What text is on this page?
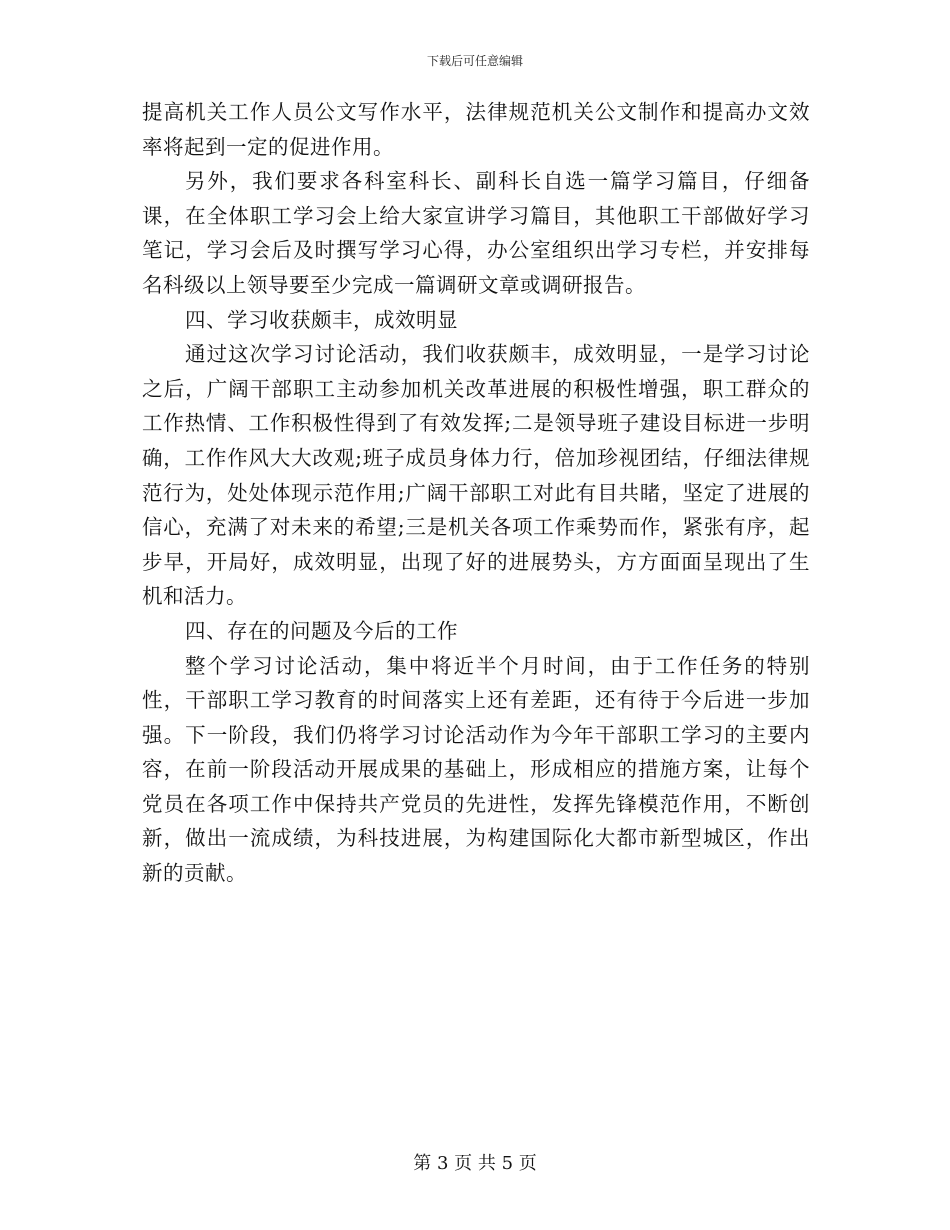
下载后可任意编辑

提高机关工作人员公文写作水平，法律规范机关公文制作和提高办文效率将起到一定的促进作用。

另外，我们要求各科室科长、副科长自选一篇学习篇目，仔细备课，在全体职工学习会上给大家宣讲学习篇目，其他职工干部做好学习笔记，学习会后及时撰写学习心得，办公室组织出学习专栏，并安排每名科级以上领导要至少完成一篇调研文章或调研报告。

四、学习收获颇丰，成效明显

通过这次学习讨论活动，我们收获颇丰，成效明显，一是学习讨论之后，广阔干部职工主动参加机关改革进展的积极性增强，职工群众的工作热情、工作积极性得到了有效发挥;二是领导班子建设目标进一步明确，工作作风大大改观;班子成员身体力行，倍加珍视团结，仔细法律规范行为，处处体现示范作用;广阔干部职工对此有目共睹，坚定了进展的信心，充满了对未来的希望;三是机关各项工作乘势而作，紧张有序，起步早，开局好，成效明显，出现了好的进展势头，方方面面呈现出了生机和活力。

四、存在的问题及今后的工作

整个学习讨论活动，集中将近半个月时间，由于工作任务的特别性，干部职工学习教育的时间落实上还有差距，还有待于今后进一步加强。下一阶段，我们仍将学习讨论活动作为今年干部职工学习的主要内容，在前一阶段活动开展成果的基础上，形成相应的措施方案，让每个党员在各项工作中保持共产党员的先进性，发挥先锋模范作用，不断创新，做出一流成绩，为科技进展，为构建国际化大都市新型城区，作出新的贡献。

第 3 页 共 5 页
